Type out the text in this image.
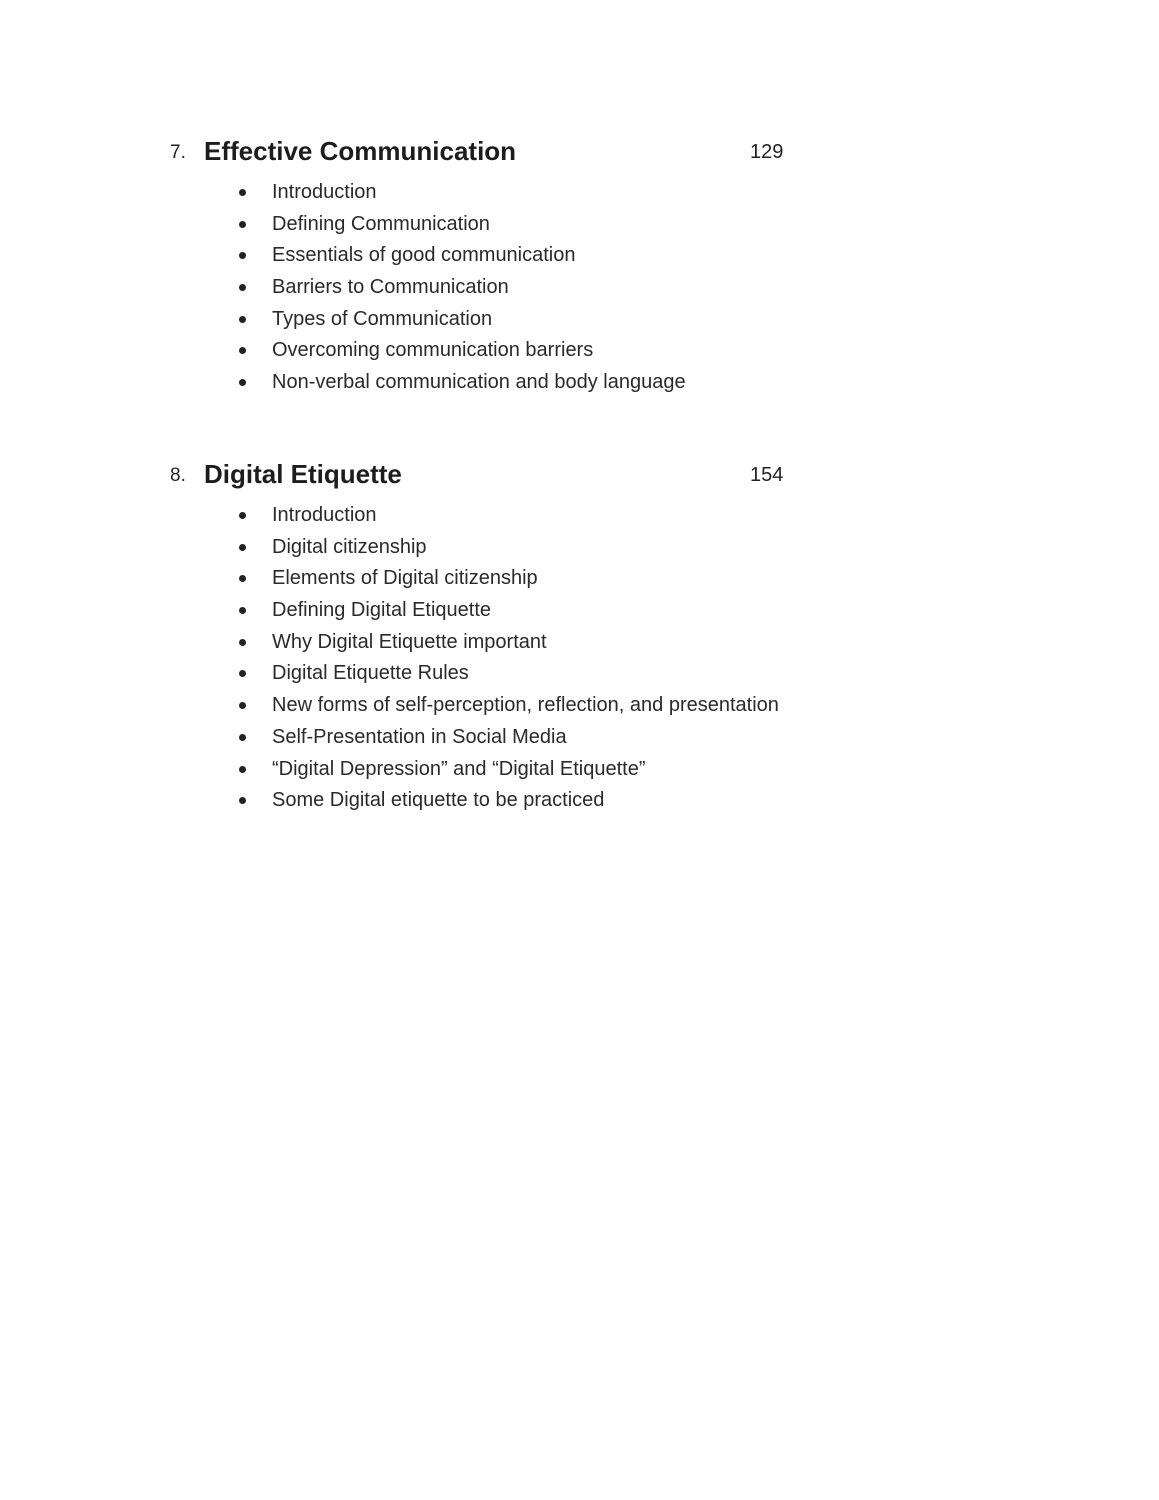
7. Effective Communication	129
Introduction
Defining Communication
Essentials of good communication
Barriers to Communication
Types of Communication
Overcoming communication barriers
Non-verbal communication and body language
8. Digital Etiquette	154
Introduction
Digital citizenship
Elements of Digital citizenship
Defining Digital Etiquette
Why Digital Etiquette important
Digital Etiquette Rules
New forms of self-perception, reflection, and presentation
Self-Presentation in Social Media
“Digital Depression” and “Digital Etiquette”
Some Digital etiquette to be practiced
